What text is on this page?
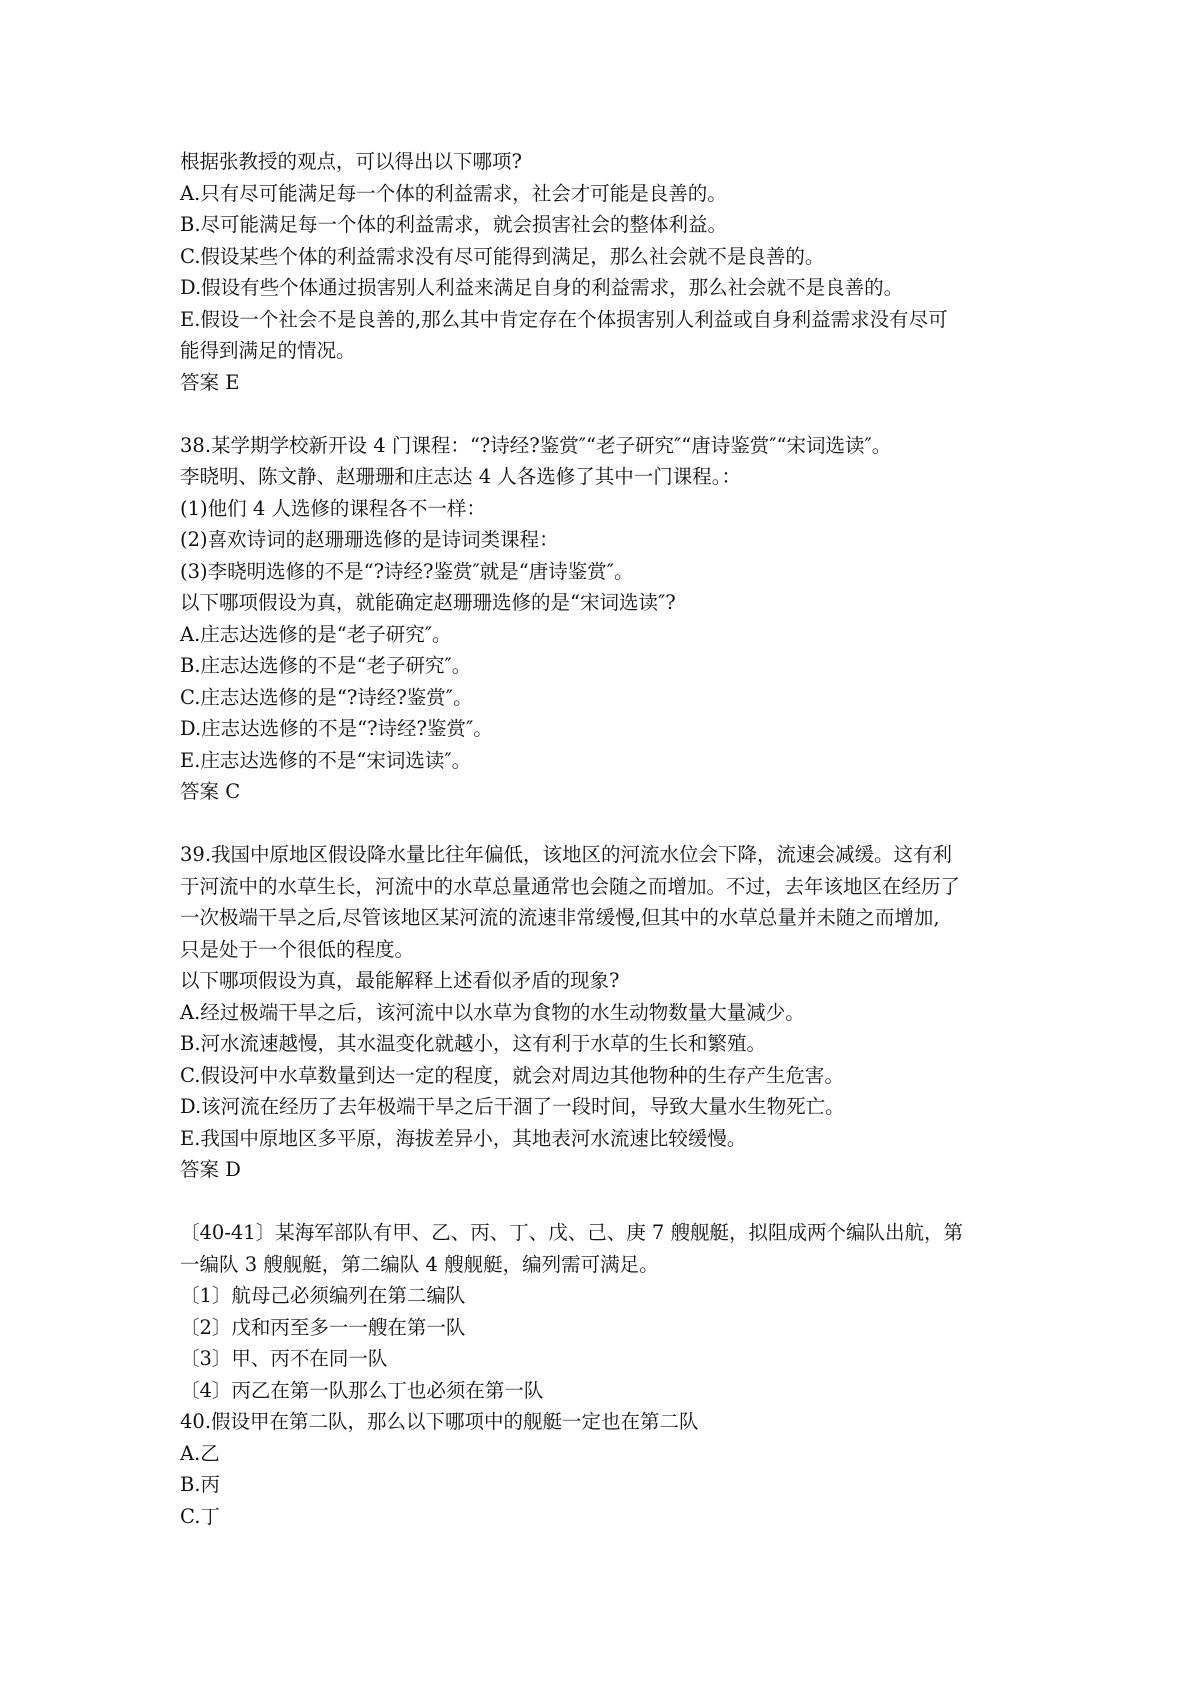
根据张教授的观点，可以得出以下哪项?
A.只有尽可能满足每一个体的利益需求，社会才可能是良善的。
B.尽可能满足每一个体的利益需求，就会损害社会的整体利益。
C.假设某些个体的利益需求没有尽可能得到满足，那么社会就不是良善的。
D.假设有些个体通过损害别人利益来满足自身的利益需求，那么社会就不是良善的。
E.假设一个社会不是良善的,那么其中肯定存在个体损害别人利益或自身利益需求没有尽可
能得到满足的情况。
答案 E
38.某学期学校新开设 4 门课程：“?诗经?鉴赏″“老子研究″“唐诗鉴赏″“宋词选读″。
李晓明、陈文静、赵珊珊和庄志达 4 人各选修了其中一门课程。：
(1)他们 4 人选修的课程各不一样：
(2)喜欢诗词的赵珊珊选修的是诗词类课程：
(3)李晓明选修的不是“?诗经?鉴赏″就是“唐诗鉴赏″。
以下哪项假设为真，就能确定赵珊珊选修的是“宋词选读″?
A.庄志达选修的是“老子研究″。
B.庄志达选修的不是“老子研究″。
C.庄志达选修的是“?诗经?鉴赏″。
D.庄志达选修的不是“?诗经?鉴赏″。
E.庄志达选修的不是“宋词选读″。
答案 C
39.我国中原地区假设降水量比往年偏低，该地区的河流水位会下降，流速会减缓。这有利
于河流中的水草生长，河流中的水草总量通常也会随之而增加。不过，去年该地区在经历了
一次极端干旱之后,尽管该地区某河流的流速非常缓慢,但其中的水草总量并未随之而增加,
只是处于一个很低的程度。
以下哪项假设为真，最能解释上述看似矛盾的现象?
A.经过极端干旱之后，该河流中以水草为食物的水生动物数量大量减少。
B.河水流速越慢，其水温变化就越小，这有利于水草的生长和繁殖。
C.假设河中水草数量到达一定的程度，就会对周边其他物种的生存产生危害。
D.该河流在经历了去年极端干旱之后干涸了一段时间，导致大量水生物死亡。
E.我国中原地区多平原，海拔差异小，其地表河水流速比较缓慢。
答案 D
〔40-41〕某海军部队有甲、乙、丙、丁、戊、己、庚 7 艘舰艇，拟阻成两个编队出航，第
一编队 3 艘舰艇，第二编队 4 艘舰艇，编列需可满足。
〔1〕航母己必须编列在第二编队
〔2〕戊和丙至多一一艘在第一队
〔3〕甲、丙不在同一队
〔4〕丙乙在第一队那么丁也必须在第一队
40.假设甲在第二队，那么以下哪项中的舰艇一定也在第二队
A.乙
B.丙
C.丁
